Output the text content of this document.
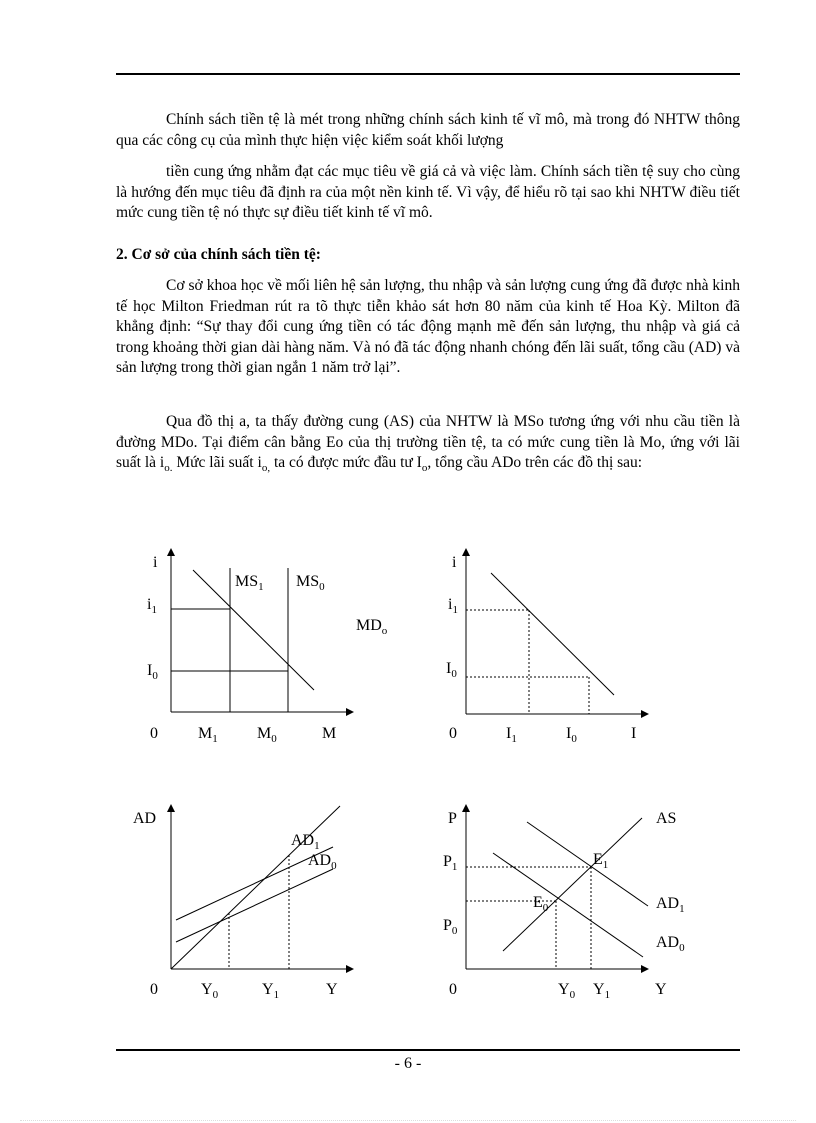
Chính sách tiền tệ là mét trong những chính sách kinh tế vĩ mô, mà trong đó NHTW thông qua các công cụ của mình thực hiện việc kiểm soát khối lượng

tiền cung ứng nhằm đạt các mục tiêu về giá cả và việc làm. Chính sách tiền tệ suy cho cùng là hướng đến mục tiêu đã định ra của một nền kinh tế. Vì vậy, để hiểu rõ tại sao khi NHTW điều tiết mức cung tiền tệ nó thực sự điều tiết kinh tế vĩ mô.

2. Cơ sở của chính sách tiền tệ:

Cơ sở khoa học về mối liên hệ sản lượng, thu nhập và sản lượng cung ứng đã được nhà kinh tế học Milton Friedman rút ra tõ thực tiễn khảo sát hơn 80 năm của kinh tế Hoa Kỳ. Milton đã khẳng định: “Sự thay đổi cung ứng tiền có tác động mạnh mẽ đến sản lượng, thu nhập và giá cả trong khoảng thời gian dài hàng năm. Và nó đã tác động nhanh chóng đến lãi suất, tổng cầu (AD) và sản lượng trong thời gian ngắn 1 năm trở lại”.

Qua đồ thị a, ta thấy đường cung (AS) của NHTW là MSo tương ứng với nhu cầu tiền là đường MDo. Tại điểm cân bằng Eo của thị trường tiền tệ, ta có mức cung tiền là Mo, ứng với lãi suất là $i_{o.}$ Mức lãi suất $i_{o,}$ ta có được mức đầu tư $I_o$, tổng cầu ADo trên các đồ thị sau:

i
$i_1$
$I_0$
$MS_1$ $MS_0$
$MD_o$
0	$M_1$ $M_0$	M
i
$i_1$
$I_0$
0	$I_1$	$I_0$	I
AD
$AD_1$
$AD_0$
0	$Y_0$	$Y_1$	Y
P	AS
$P_1$
$P_0$
$E_1$
$E_0$	$AD_1$
$AD_0$
0	$Y_0$ $Y_1$	Y
- 6 -
